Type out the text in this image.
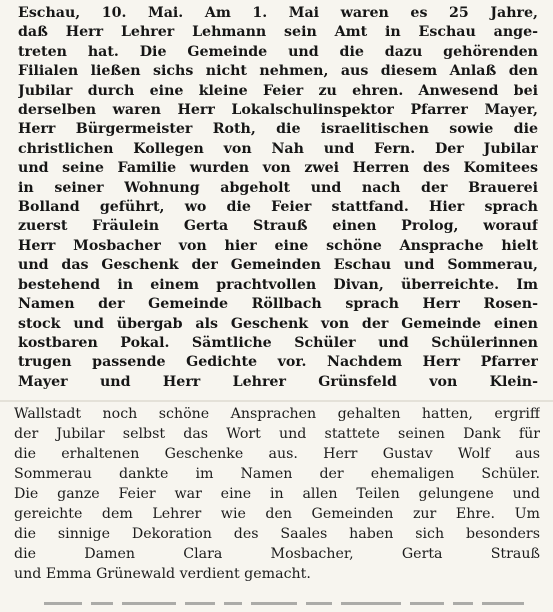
Eschau, 10. Mai. Am 1. Mai waren es 25 Jahre,
daß Herr Lehrer Lehmann sein Amt in Eschau ange-
treten hat. Die Gemeinde und die dazu gehörenden
Filialen ließen sichs nicht nehmen, aus diesem Anlaß den
Jubilar durch eine kleine Feier zu ehren. Anwesend bei
derselben waren Herr Lokalschulinspektor Pfarrer Mayer,
Herr Bürgermeister Roth, die israelitischen sowie die
christlichen Kollegen von Nah und Fern. Der Jubilar
und seine Familie wurden von zwei Herren des Komitees
in seiner Wohnung abgeholt und nach der Brauerei
Bolland geführt, wo die Feier stattfand. Hier sprach
zuerst Fräulein Gerta Strauß einen Prolog, worauf
Herr Mosbacher von hier eine schöne Ansprache hielt
und das Geschenk der Gemeinden Eschau und Sommerau,
bestehend in einem prachtvollen Divan, überreichte. Im
Namen der Gemeinde Röllbach sprach Herr Rosen-
stock und übergab als Geschenk von der Gemeinde einen
kostbaren Pokal. Sämtliche Schüler und Schülerinnen
trugen passende Gedichte vor. Nachdem Herr Pfarrer
Mayer und Herr Lehrer Grünsfeld von Klein-
Wallstadt noch schöne Ansprachen gehalten hatten, ergriff
der Jubilar selbst das Wort und stattete seinen Dank für
die erhaltenen Geschenke aus. Herr Gustav Wolf aus
Sommerau dankte im Namen der ehemaligen Schüler.
Die ganze Feier war eine in allen Teilen gelungene und
gereichte dem Lehrer wie den Gemeinden zur Ehre. Um
die sinnige Dekoration des Saales haben sich besonders
die Damen Clara Mosbacher, Gerta Strauß
und Emma Grünewald verdient gemacht.
